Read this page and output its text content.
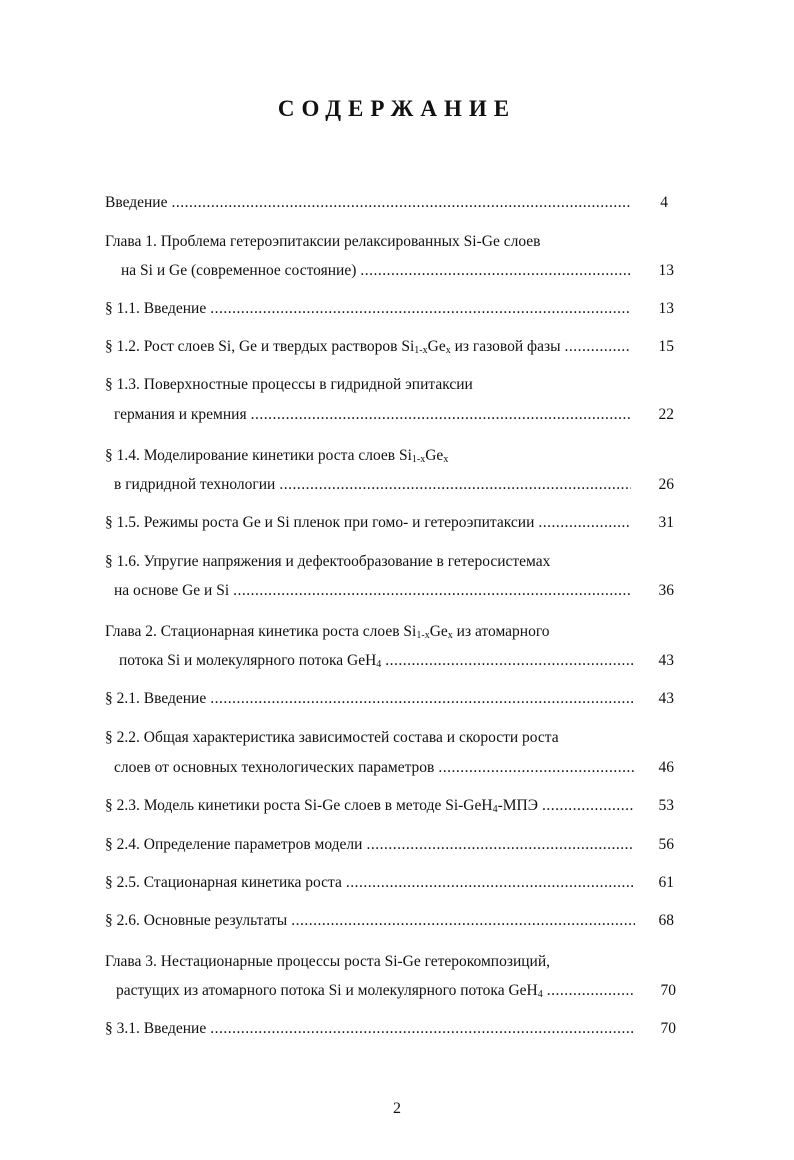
СОДЕРЖАНИЕ
Введение .....	4
Глава 1. Проблема гетероэпитаксии релаксированных Si-Ge слоев
на Si и Ge (современное состояние) .....	13
§ 1.1. Введение .....	13
§ 1.2. Рост слоев Si, Ge и твердых растворов $Si_{1-x}Ge_x$ из газовой фазы .....	15
§ 1.3. Поверхностные процессы в гидридной эпитаксии
германия и кремния .....	22
§ 1.4. Моделирование кинетики роста слоев $Si_{1-x}Ge_x$
в гидридной технологии .....	26
§ 1.5. Режимы роста Ge и Si пленок при гомо- и гетероэпитаксии .....	31
§ 1.6. Упругие напряжения и дефектообразование в гетеросистемах
на основе Ge и Si .....	36
Глава 2. Стационарная кинетика роста слоев $Si_{1-x}Ge_x$ из атомарного
потока Si и молекулярного потока GeH$_4$ .....	43
§ 2.1. Введение .....	43
§ 2.2. Общая характеристика зависимостей состава и скорости роста
слоев от основных технологических параметров .....	46
§ 2.3. Модель кинетики роста Si-Ge слоев в методе Si-GeH$_4$-МПЭ .....	53
§ 2.4. Определение параметров модели .....	56
§ 2.5. Стационарная кинетика роста .....	61
§ 2.6. Основные результаты .....	68
Глава 3. Нестационарные процессы роста Si-Ge гетерокомпозиций,
растущих из атомарного потока Si и молекулярного потока GeH$_4$ .....	70
§ 3.1. Введение .....	70
2
